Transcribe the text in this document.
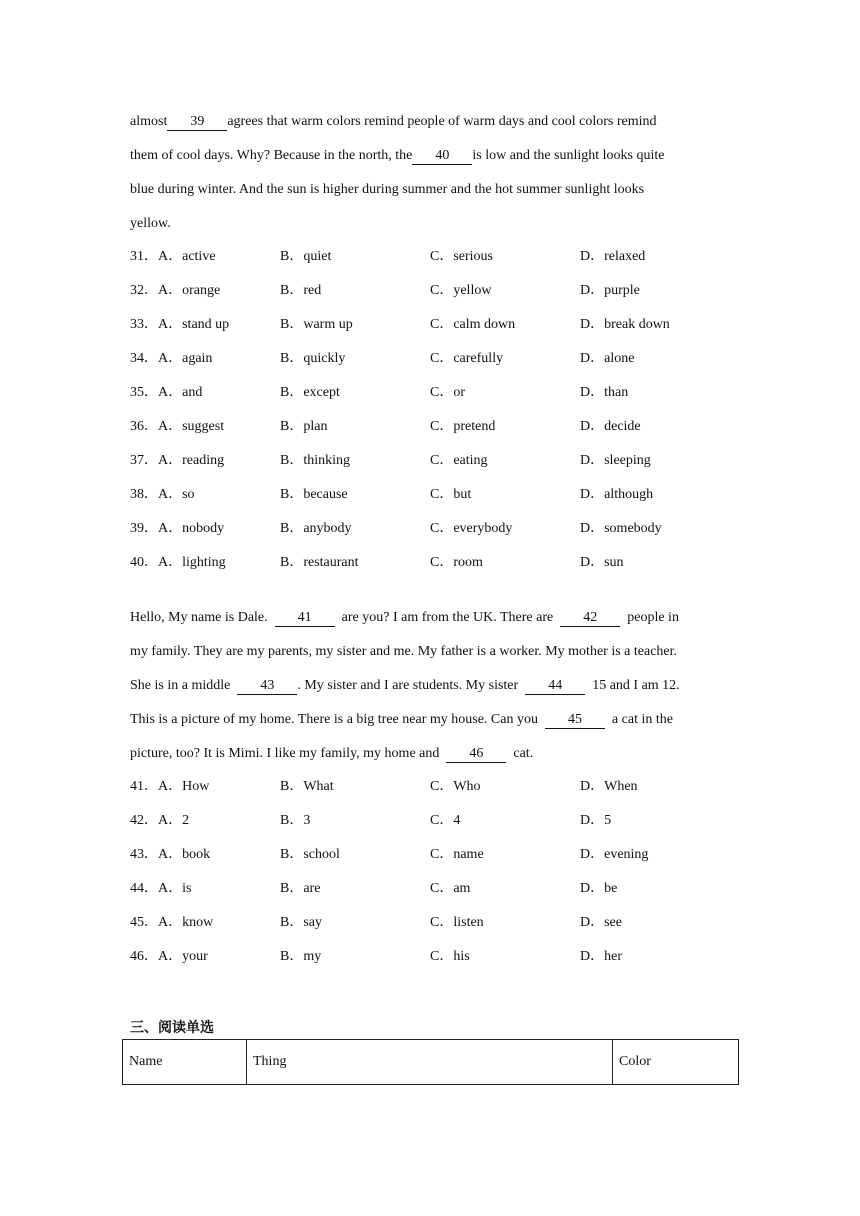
almost 39 agrees that warm colors remind people of warm days and cool colors remind
them of cool days. Why? Because in the north, the 40 is low and the sunlight looks quite
blue during winter. And the sun is higher during summer and the hot summer sunlight looks
yellow.
31．A．active	B．quiet	C．serious	D．relaxed
32．A．orange	B．red	C．yellow	D．purple
33．A．stand up	B．warm up	C．calm down	D．break down
34．A．again	B．quickly	C．carefully	D．alone
35．A．and	B．except	C．or	D．than
36．A．suggest	B．plan	C．pretend	D．decide
37．A．reading	B．thinking	C．eating	D．sleeping
38．A．so	B．because	C．but	D．although
39．A．nobody	B．anybody	C．everybody	D．somebody
40．A．lighting	B．restaurant	C．room	D．sun
Hello, My name is Dale. 41 are you? I am from the UK. There are 42 people in
my family. They are my parents, my sister and me. My father is a worker. My mother is a teacher.
She is in a middle 43 . My sister and I are students. My sister 44 15 and I am 12.
This is a picture of my home. There is a big tree near my house. Can you 45 a cat in the
picture, too? It is Mimi. I like my family, my home and 46 cat.
41．A．How	B．What	C．Who	D．When
42．A．2	B．3	C．4	D．5
43．A．book	B．school	C．name	D．evening
44．A．is	B．are	C．am	D．be
45．A．know	B．say	C．listen	D．see
46．A．your	B．my	C．his	D．her
三、阅读单选
Name	Thing	Color
